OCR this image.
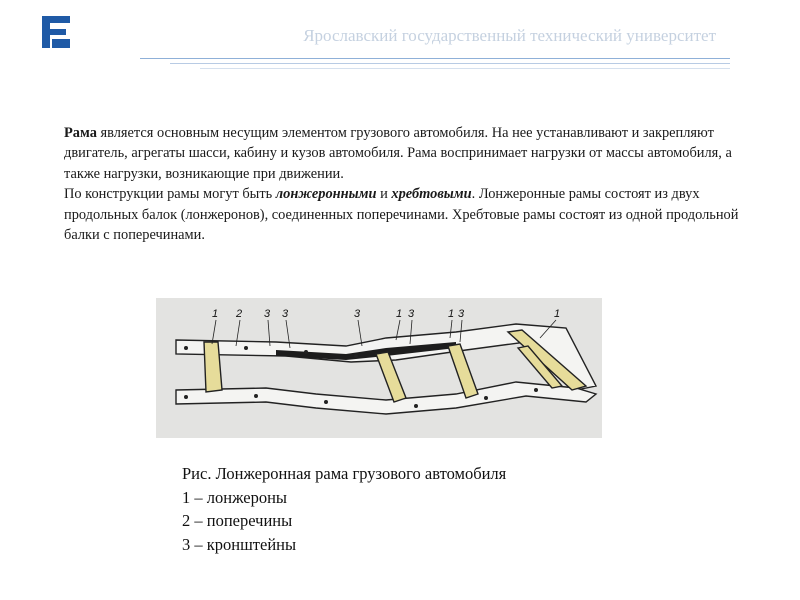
Ярославский государственный технический университет

Рама является основным несущим элементом грузового автомобиля. На нее устанавливают и закрепляют двигатель, агрегаты шасси, кабину и кузов автомобиля. Рама воспринимает нагрузки от массы автомобиля, а также нагрузки, возникающие при движении.

По конструкции рамы могут быть лонжеронными и хребтовыми. Лонжеронные рамы состоят из двух продольных балок (лонжеронов), соединенных поперечинами. Хребтовые рамы состоят из одной продольной балки с поперечинами.

1 2 3 3	3	1 3	1 3	1
Рис. Лонжеронная рама грузового автомобиля
1 – лонжероны
2 – поперечины
3 – кронштейны
